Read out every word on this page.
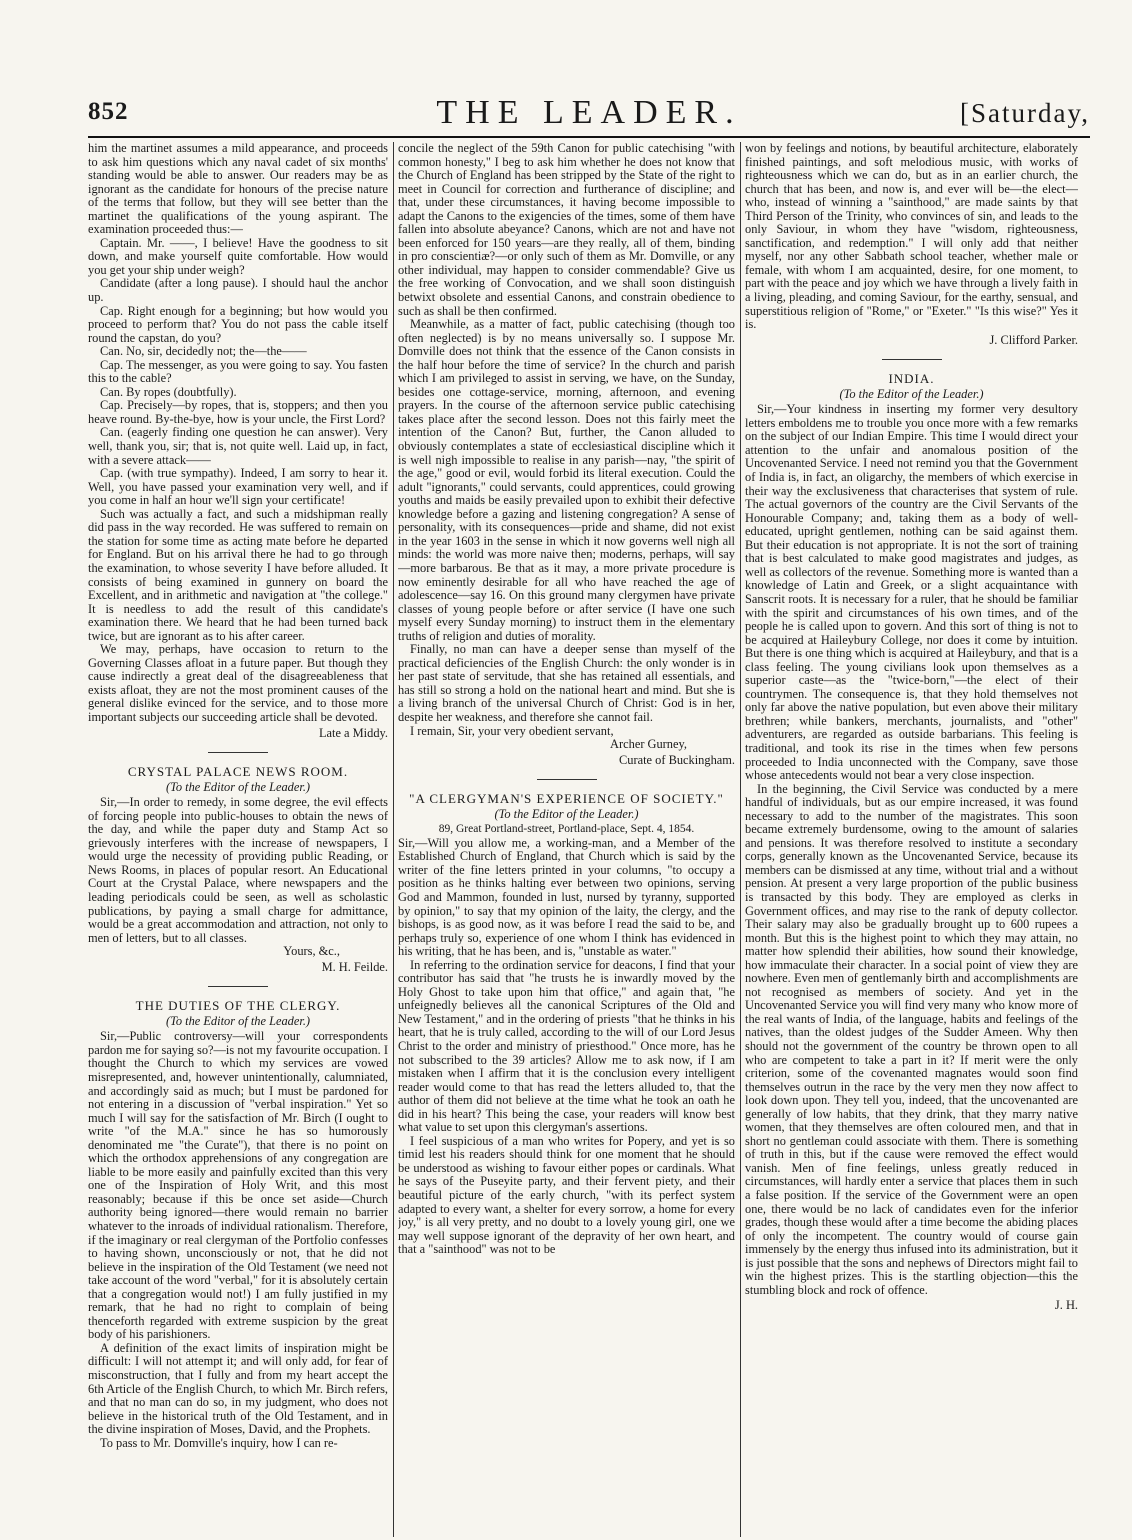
852	THE LEADER.	[Saturday,

him the martinet assumes a mild appearance, and proceeds to ask him questions which any naval cadet of six months' standing would be able to answer. Our readers may be as ignorant as the candidate for honours of the precise nature of the terms that follow, but they will see better than the martinet the qualifications of the young aspirant. The examination proceeded thus:—

Captain. Mr. ——, I believe! Have the goodness to sit down, and make yourself quite comfortable. How would you get your ship under weigh?

Candidate (after a long pause). I should haul the anchor up.

Cap. Right enough for a beginning; but how would you proceed to perform that? You do not pass the cable itself round the capstan, do you?

Can. No, sir, decidedly not; the—the——

Cap. The messenger, as you were going to say. You fasten this to the cable?

Can. By ropes (doubtfully).

Cap. Precisely—by ropes, that is, stoppers; and then you heave round. By-the-bye, how is your uncle, the First Lord?

Can. (eagerly finding one question he can answer). Very well, thank you, sir; that is, not quite well. Laid up, in fact, with a severe attack——

Cap. (with true sympathy). Indeed, I am sorry to hear it. Well, you have passed your examination very well, and if you come in half an hour we'll sign your certificate!

Such was actually a fact, and such a midshipman really did pass in the way recorded. He was suffered to remain on the station for some time as acting mate before he departed for England. But on his arrival there he had to go through the examination, to whose severity I have before alluded. It consists of being examined in gunnery on board the Excellent, and in arithmetic and navigation at "the college." It is needless to add the result of this candidate's examination there. We heard that he had been turned back twice, but are ignorant as to his after career.

We may, perhaps, have occasion to return to the Governing Classes afloat in a future paper. But though they cause indirectly a great deal of the disagreeableness that exists afloat, they are not the most prominent causes of the general dislike evinced for the service, and to those more important subjects our succeeding article shall be devoted.

Late a Middy.

CRYSTAL PALACE NEWS ROOM.

(To the Editor of the Leader.)

Sir,—In order to remedy, in some degree, the evil effects of forcing people into public-houses to obtain the news of the day, and while the paper duty and Stamp Act so grievously interferes with the increase of newspapers, I would urge the necessity of providing public Reading, or News Rooms, in places of popular resort. An Educational Court at the Crystal Palace, where newspapers and the leading periodicals could be seen, as well as scholastic publications, by paying a small charge for admittance, would be a great accommodation and attraction, not only to men of letters, but to all classes.

Yours, &c.,

M. H. Feilde.

THE DUTIES OF THE CLERGY.

(To the Editor of the Leader.)

Sir,—Public controversy—will your correspondents pardon me for saying so?—is not my favourite occupation. I thought the Church to which my services are vowed misrepresented, and, however unintentionally, calumniated, and accordingly said as much; but I must be pardoned for not entering in a discussion of "verbal inspiration." Yet so much I will say for the satisfaction of Mr. Birch (I ought to write "of the M.A." since he has so humorously denominated me "the Curate"), that there is no point on which the orthodox apprehensions of any congregation are liable to be more easily and painfully excited than this very one of the Inspiration of Holy Writ, and this most reasonably; because if this be once set aside—Church authority being ignored—there would remain no barrier whatever to the inroads of individual rationalism. Therefore, if the imaginary or real clergyman of the Portfolio confesses to having shown, unconsciously or not, that he did not believe in the inspiration of the Old Testament (we need not take account of the word "verbal," for it is absolutely certain that a congregation would not!) I am fully justified in my remark, that he had no right to complain of being thenceforth regarded with extreme suspicion by the great body of his parishioners.

A definition of the exact limits of inspiration might be difficult: I will not attempt it; and will only add, for fear of misconstruction, that I fully and from my heart accept the 6th Article of the English Church, to which Mr. Birch refers, and that no man can do so, in my judgment, who does not believe in the historical truth of the Old Testament, and in the divine inspiration of Moses, David, and the Prophets.

To pass to Mr. Domville's inquiry, how I can re-

concile the neglect of the 59th Canon for public catechising "with common honesty," I beg to ask him whether he does not know that the Church of England has been stripped by the State of the right to meet in Council for correction and furtherance of discipline; and that, under these circumstances, it having become impossible to adapt the Canons to the exigencies of the times, some of them have fallen into absolute abeyance? Canons, which are not and have not been enforced for 150 years—are they really, all of them, binding in pro conscientiæ?—or only such of them as Mr. Domville, or any other individual, may happen to consider commendable? Give us the free working of Convocation, and we shall soon distinguish betwixt obsolete and essential Canons, and constrain obedience to such as shall be then confirmed.

Meanwhile, as a matter of fact, public catechising (though too often neglected) is by no means universally so. I suppose Mr. Domville does not think that the essence of the Canon consists in the half hour before the time of service? In the church and parish which I am privileged to assist in serving, we have, on the Sunday, besides one cottage-service, morning, afternoon, and evening prayers. In the course of the afternoon service public catechising takes place after the second lesson. Does not this fairly meet the intention of the Canon? But, further, the Canon alluded to obviously contemplates a state of ecclesiastical discipline which it is well nigh impossible to realise in any parish—nay, "the spirit of the age," good or evil, would forbid its literal execution. Could the adult "ignorants," could servants, could apprentices, could growing youths and maids be easily prevailed upon to exhibit their defective knowledge before a gazing and listening congregation? A sense of personality, with its consequences—pride and shame, did not exist in the year 1603 in the sense in which it now governs well nigh all minds: the world was more naive then; moderns, perhaps, will say—more barbarous. Be that as it may, a more private procedure is now eminently desirable for all who have reached the age of adolescence—say 16. On this ground many clergymen have private classes of young people before or after service (I have one such myself every Sunday morning) to instruct them in the elementary truths of religion and duties of morality.

Finally, no man can have a deeper sense than myself of the practical deficiencies of the English Church: the only wonder is in her past state of servitude, that she has retained all essentials, and has still so strong a hold on the national heart and mind. But she is a living branch of the universal Church of Christ: God is in her, despite her weakness, and therefore she cannot fail.

I remain, Sir, your very obedient servant,

Archer Gurney,

Curate of Buckingham.

"A CLERGYMAN'S EXPERIENCE OF SOCIETY."

(To the Editor of the Leader.)

89, Great Portland-street, Portland-place, Sept. 4, 1854.

Sir,—Will you allow me, a working-man, and a Member of the Established Church of England, that Church which is said by the writer of the fine letters printed in your columns, "to occupy a position as he thinks halting ever between two opinions, serving God and Mammon, founded in lust, nursed by tyranny, supported by opinion," to say that my opinion of the laity, the clergy, and the bishops, is as good now, as it was before I read the said to be, and perhaps truly so, experience of one whom I think has evidenced in his writing, that he has been, and is, "unstable as water."

In referring to the ordination service for deacons, I find that your contributor has said that "he trusts he is inwardly moved by the Holy Ghost to take upon him that office," and again that, "he unfeignedly believes all the canonical Scriptures of the Old and New Testament," and in the ordering of priests "that he thinks in his heart, that he is truly called, according to the will of our Lord Jesus Christ to the order and ministry of priesthood." Once more, has he not subscribed to the 39 articles? Allow me to ask now, if I am mistaken when I affirm that it is the conclusion every intelligent reader would come to that has read the letters alluded to, that the author of them did not believe at the time what he took an oath he did in his heart? This being the case, your readers will know best what value to set upon this clergyman's assertions.

I feel suspicious of a man who writes for Popery, and yet is so timid lest his readers should think for one moment that he should be understood as wishing to favour either popes or cardinals. What he says of the Puseyite party, and their fervent piety, and their beautiful picture of the early church, "with its perfect system adapted to every want, a shelter for every sorrow, a home for every joy," is all very pretty, and no doubt to a lovely young girl, one we may well suppose ignorant of the depravity of her own heart, and that a "sainthood" was not to be

won by feelings and notions, by beautiful architecture, elaborately finished paintings, and soft melodious music, with works of righteousness which we can do, but as in an earlier church, the church that has been, and now is, and ever will be—the elect—who, instead of winning a "sainthood," are made saints by that Third Person of the Trinity, who convinces of sin, and leads to the only Saviour, in whom they have "wisdom, righteousness, sanctification, and redemption." I will only add that neither myself, nor any other Sabbath school teacher, whether male or female, with whom I am acquainted, desire, for one moment, to part with the peace and joy which we have through a lively faith in a living, pleading, and coming Saviour, for the earthy, sensual, and superstitious religion of "Rome," or "Exeter." "Is this wise?" Yes it is.

J. Clifford Parker.

INDIA.

(To the Editor of the Leader.)

Sir,—Your kindness in inserting my former very desultory letters emboldens me to trouble you once more with a few remarks on the subject of our Indian Empire. This time I would direct your attention to the unfair and anomalous position of the Uncovenanted Service. I need not remind you that the Government of India is, in fact, an oligarchy, the members of which exercise in their way the exclusiveness that characterises that system of rule. The actual governors of the country are the Civil Servants of the Honourable Company; and, taking them as a body of well-educated, upright gentlemen, nothing can be said against them. But their education is not appropriate. It is not the sort of training that is best calculated to make good magistrates and judges, as well as collectors of the revenue. Something more is wanted than a knowledge of Latin and Greek, or a slight acquaintance with Sanscrit roots. It is necessary for a ruler, that he should be familiar with the spirit and circumstances of his own times, and of the people he is called upon to govern. And this sort of thing is not to be acquired at Haileybury College, nor does it come by intuition. But there is one thing which is acquired at Haileybury, and that is a class feeling. The young civilians look upon themselves as a superior caste—as the "twice-born,"—the elect of their countrymen. The consequence is, that they hold themselves not only far above the native population, but even above their military brethren; while bankers, merchants, journalists, and "other" adventurers, are regarded as outside barbarians. This feeling is traditional, and took its rise in the times when few persons proceeded to India unconnected with the Company, save those whose antecedents would not bear a very close inspection.

In the beginning, the Civil Service was conducted by a mere handful of individuals, but as our empire increased, it was found necessary to add to the number of the magistrates. This soon became extremely burdensome, owing to the amount of salaries and pensions. It was therefore resolved to institute a secondary corps, generally known as the Uncovenanted Service, because its members can be dismissed at any time, without trial and a without pension. At present a very large proportion of the public business is transacted by this body. They are employed as clerks in Government offices, and may rise to the rank of deputy collector. Their salary may also be gradually brought up to 600 rupees a month. But this is the highest point to which they may attain, no matter how splendid their abilities, how sound their knowledge, how immaculate their character. In a social point of view they are nowhere. Even men of gentlemanly birth and accomplishments are not recognised as members of society. And yet in the Uncovenanted Service you will find very many who know more of the real wants of India, of the language, habits and feelings of the natives, than the oldest judges of the Sudder Ameen. Why then should not the government of the country be thrown open to all who are competent to take a part in it? If merit were the only criterion, some of the covenanted magnates would soon find themselves outrun in the race by the very men they now affect to look down upon. They tell you, indeed, that the uncovenanted are generally of low habits, that they drink, that they marry native women, that they themselves are often coloured men, and that in short no gentleman could associate with them. There is something of truth in this, but if the cause were removed the effect would vanish. Men of fine feelings, unless greatly reduced in circumstances, will hardly enter a service that places them in such a false position. If the service of the Government were an open one, there would be no lack of candidates even for the inferior grades, though these would after a time become the abiding places of only the incompetent. The country would of course gain immensely by the energy thus infused into its administration, but it is just possible that the sons and nephews of Directors might fail to win the highest prizes. This is the startling objection—this the stumbling block and rock of offence.

J. H.
